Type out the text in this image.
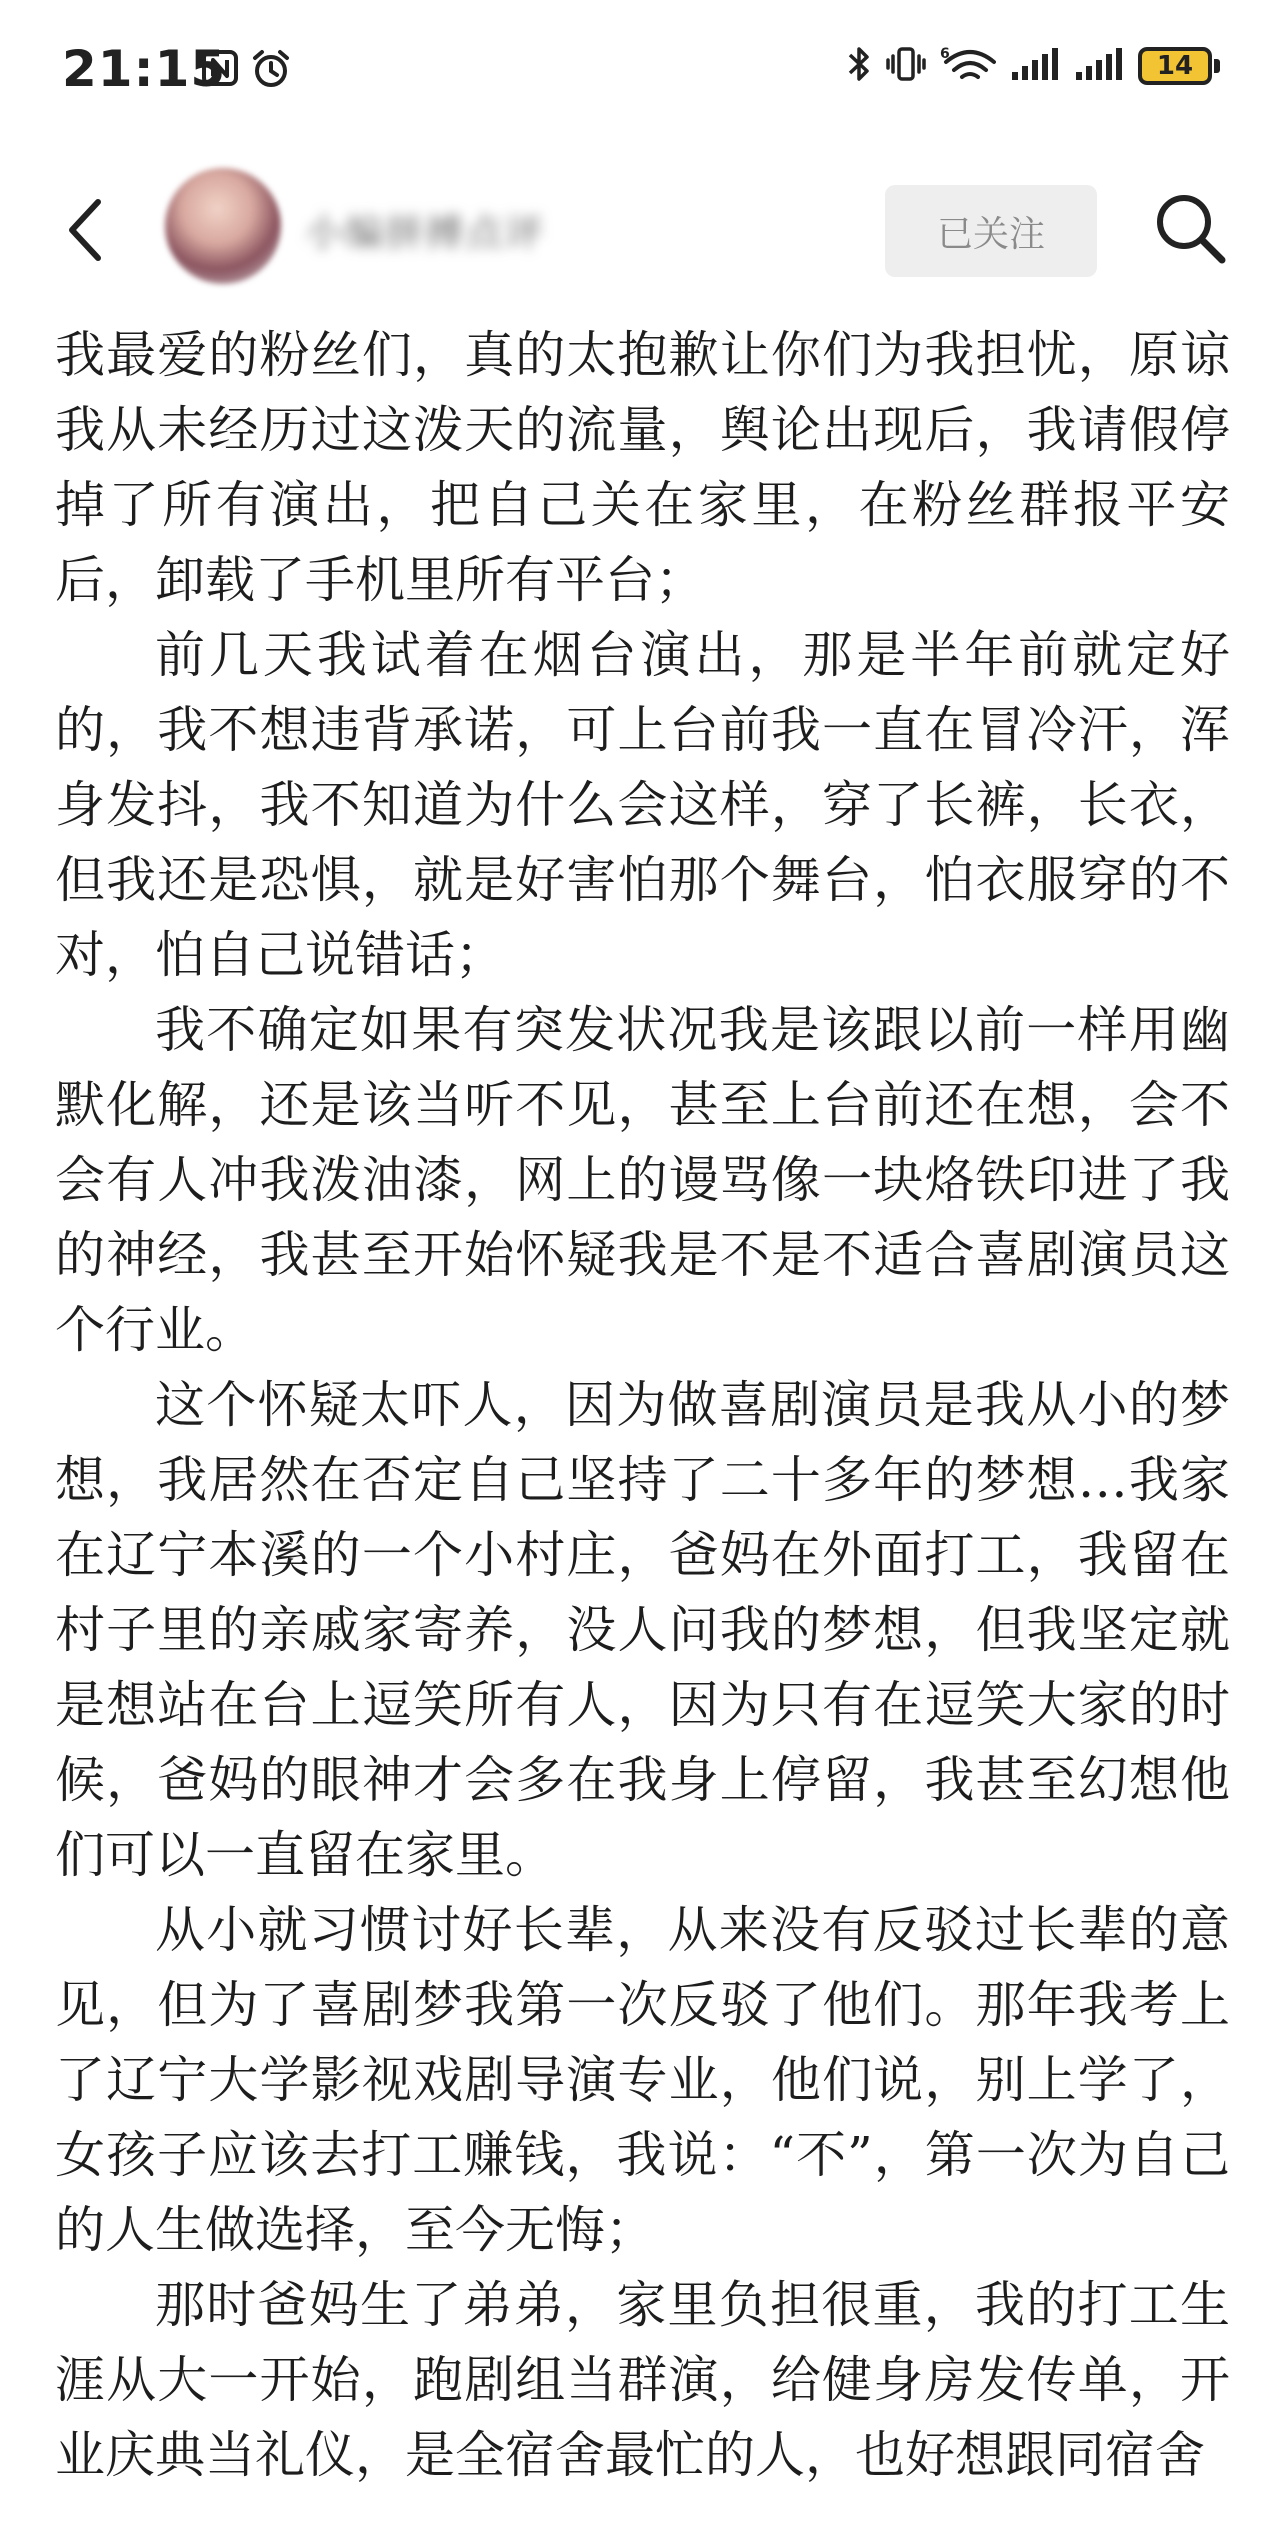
21:15	6	14
小编拼搏点评	已关注

我最爱的粉丝们，真的太抱歉让你们为我担忧，原谅我从未经历过这泼天的流量，舆论出现后，我请假停掉了所有演出，把自己关在家里，在粉丝群报平安后，卸载了手机里所有平台；

前几天我试着在烟台演出，那是半年前就定好的，我不想违背承诺，可上台前我一直在冒冷汗，浑身发抖，我不知道为什么会这样，穿了长裤，长衣，但我还是恐惧，就是好害怕那个舞台，怕衣服穿的不对，怕自己说错话；

我不确定如果有突发状况我是该跟以前一样用幽默化解，还是该当听不见，甚至上台前还在想，会不会有人冲我泼油漆，网上的谩骂像一块烙铁印进了我的神经，我甚至开始怀疑我是不是不适合喜剧演员这个行业。

这个怀疑太吓人，因为做喜剧演员是我从小的梦想，我居然在否定自己坚持了二十多年的梦想…我家在辽宁本溪的一个小村庄，爸妈在外面打工，我留在村子里的亲戚家寄养，没人问我的梦想，但我坚定就是想站在台上逗笑所有人，因为只有在逗笑大家的时候，爸妈的眼神才会多在我身上停留，我甚至幻想他们可以一直留在家里。

从小就习惯讨好长辈，从来没有反驳过长辈的意见，但为了喜剧梦我第一次反驳了他们。那年我考上了辽宁大学影视戏剧导演专业，他们说，别上学了，女孩子应该去打工赚钱，我说：“不”，第一次为自己的人生做选择，至今无悔；

那时爸妈生了弟弟，家里负担很重，我的打工生涯从大一开始，跑剧组当群演，给健身房发传单，开业庆典当礼仪，是全宿舍最忙的人，也好想跟同宿舍
